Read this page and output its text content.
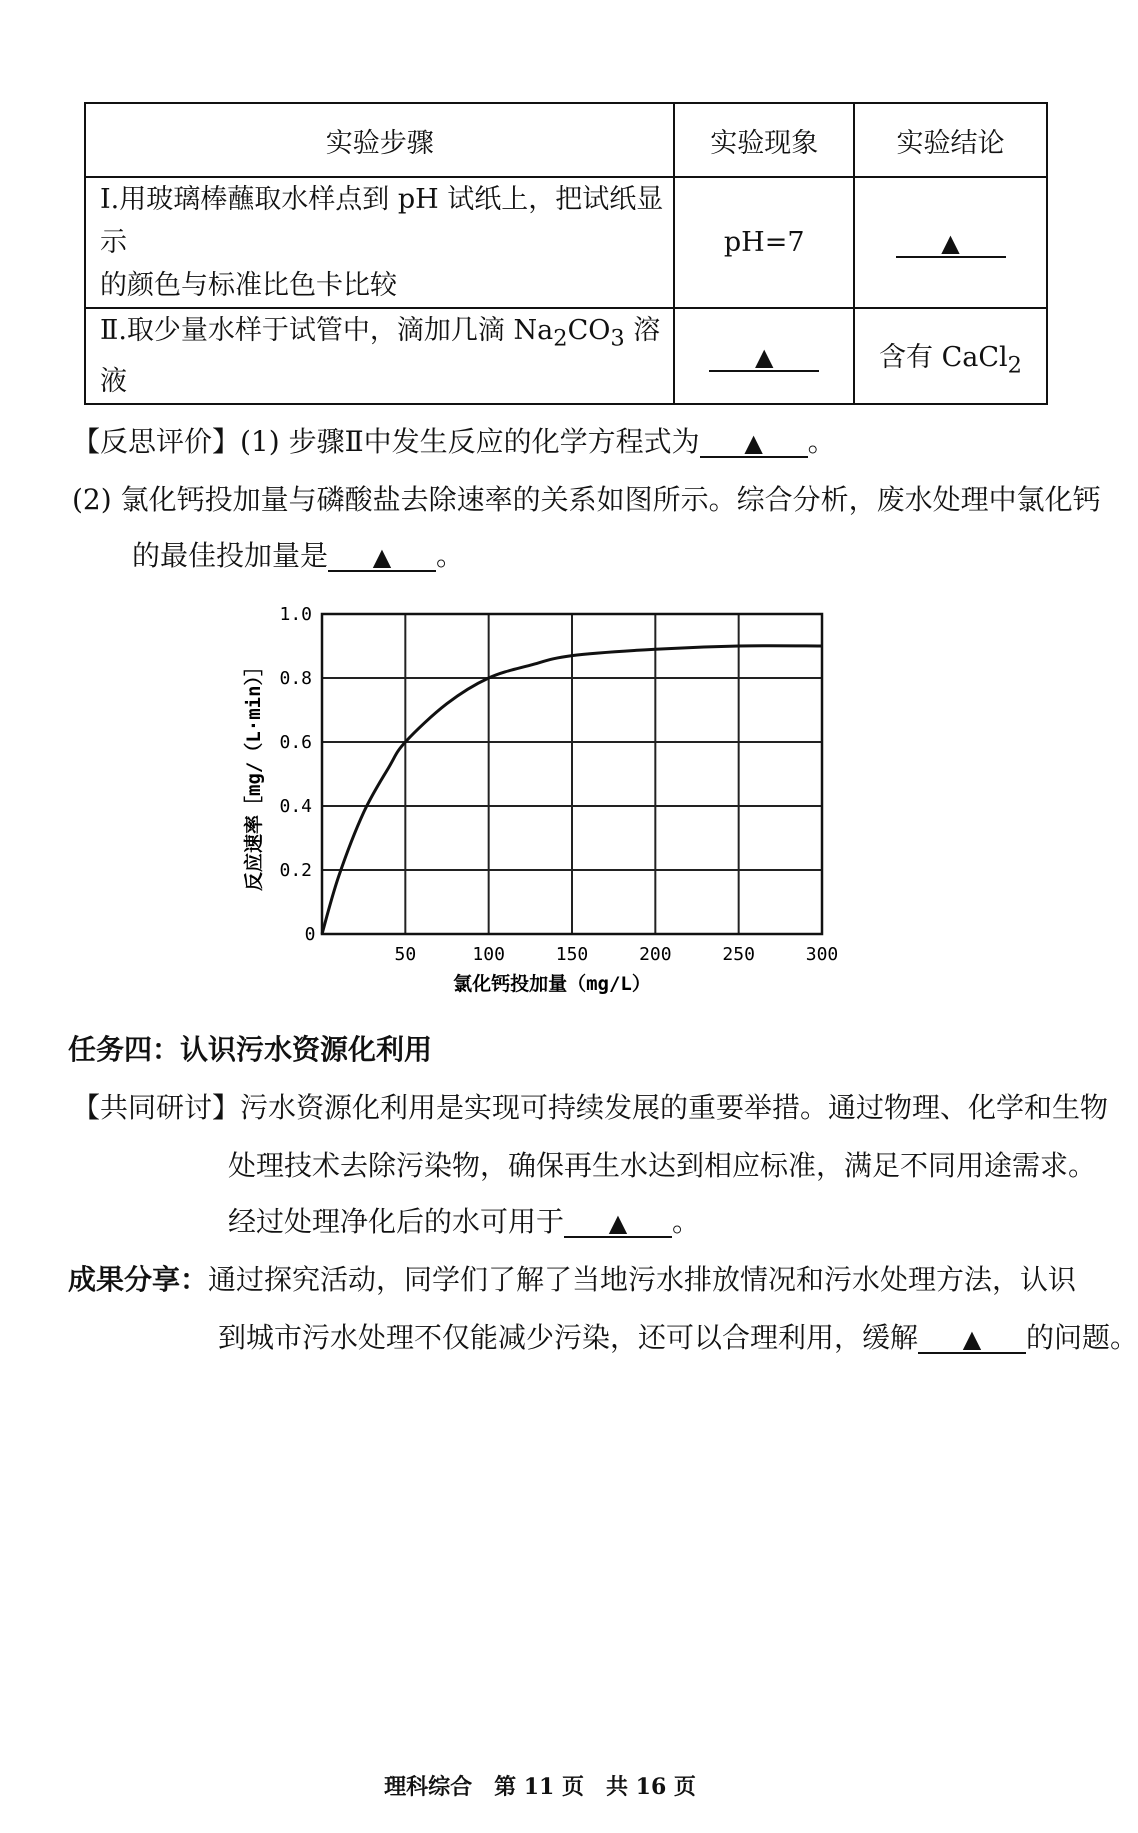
实验步骤	实验现象	实验结论
Ⅰ.用玻璃棒蘸取水样点到 pH 试纸上，把试纸显示
的颜色与标准比色卡比较	pH=7	▲
Ⅱ.取少量水样于试管中，滴加几滴 $Na_2CO_3$ 溶液	▲	含有 CaCl$_2$
【反思评价】(1) 步骤Ⅱ中发生反应的化学方程式为 ▲ 。
(2) 氯化钙投加量与磷酸盐去除速率的关系如图所示。综合分析，废水处理中氯化钙
的最佳投加量是 ▲ 。
0.2
0.4
0.6
0.8
1.0
50	100	150	200	250	300
0
反应速率［mg/（L·min）］
氯化钙投加量（mg/L）
任务四：认识污水资源化利用
【共同研讨】污水资源化利用是实现可持续发展的重要举措。通过物理、化学和生物
处理技术去除污染物，确保再生水达到相应标准，满足不同用途需求。
经过处理净化后的水可用于 ▲ 。
成果分享：通过探究活动，同学们了解了当地污水排放情况和污水处理方法，认识
到城市污水处理不仅能减少污染，还可以合理利用，缓解 ▲ 的问题。
理科综合　第 11 页　共 16 页
